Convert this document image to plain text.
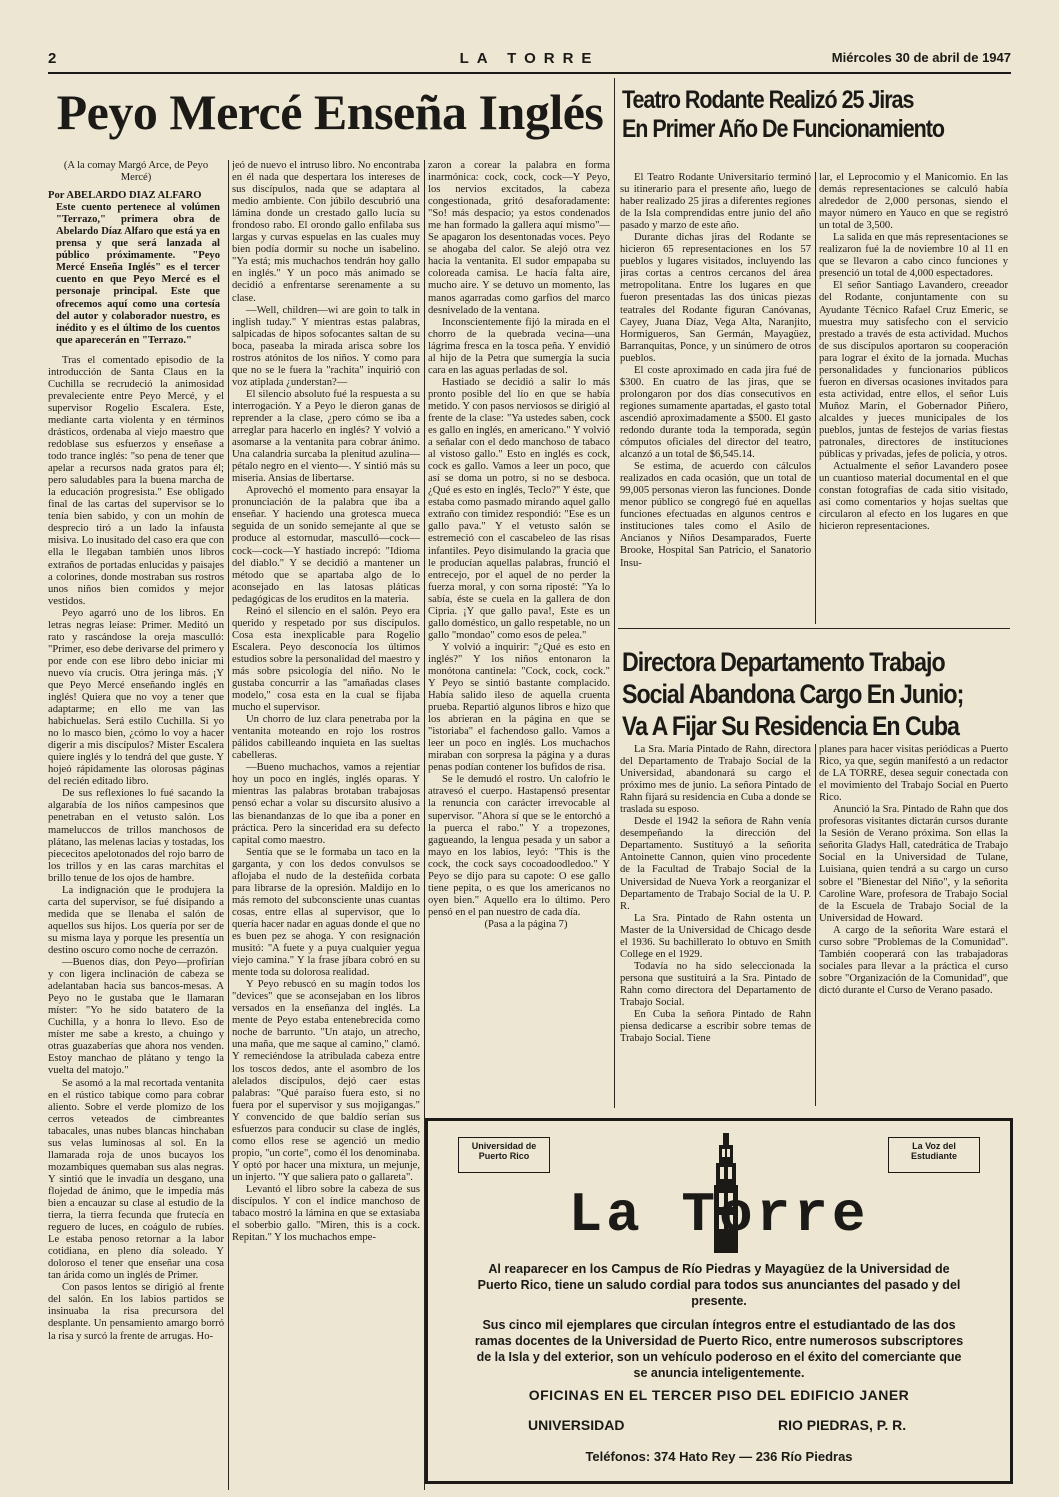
2	LA TORRE	Miércoles 30 de abril de 1947
Peyo Mercé Enseña Inglés

(A la comay Margó Arce, de Peyo Mercé)

Por ABELARDO DIAZ ALFARO

Este cuento pertenece al volúmen "Terrazo," primera obra de Abelardo Díaz Alfaro que está ya en prensa y que será lanzada al público próximamente. "Peyo Mercé Enseña Inglés" es el tercer cuento en que Peyo Mercé es el personaje principal. Este que ofrecemos aquí como una cortesía del autor y colaborador nuestro, es inédito y es el último de los cuentos que aparecerán en "Terrazo."

Tras el comentado episodio de la introducción de Santa Claus en la Cuchilla se recrudeció la animosidad prevaleciente entre Peyo Mercé, y el supervisor Rogelio Escalera. Este, mediante carta violenta y en términos drásticos, ordenaba al viejo maestro que redoblase sus esfuerzos y enseñase a todo trance inglés: "so pena de tener que apelar a recursos nada gratos para él; pero saludables para la buena marcha de la educación progresista." Ese obligado final de las cartas del supervisor se lo tenía bien sabido, y con un mohín de desprecio tiró a un lado la infausta misiva. Lo inusitado del caso era que con ella le llegaban también unos libros extraños de portadas enlucidas y paisajes a colorines, donde mostraban sus rostros unos niños bien comidos y mejor vestidos.

Peyo agarró uno de los libros. En letras negras leíase: Primer. Meditó un rato y rascándose la oreja masculló: "Primer, eso debe derivarse del primero y por ende con ese libro debo iniciar mi nuevo vía crucis. Otra jeringa más. ¡Y que Peyo Mercé enseñando inglés en inglés! Quiera que no voy a tener que adaptarme; en ello me van las habichuelas. Será estilo Cuchilla. Si yo no lo masco bien, ¿cómo lo voy a hacer digerir a mis discípulos? Mister Escalera quiere inglés y lo tendrá del que guste. Y hojeó rápidamente las olorosas páginas del recién editado libro.

De sus reflexiones lo fué sacando la algarabía de los niños campesinos que penetraban en el vetusto salón. Los mameluccos de trillos manchosos de plátano, las melenas lacias y tostadas, los piececitos apelotonados del rojo barro de los trillos y en las caras marchitas el brillo tenue de los ojos de hambre.

La indignación que le produjera la carta del supervisor, se fué disipando a medida que se llenaba el salón de aquellos sus hijos. Los quería por ser de su misma laya y porque les presentía un destino oscuro como noche de cerrazón.

—Buenos días, don Peyo—profirían y con ligera inclinación de cabeza se adelantaban hacia sus bancos-mesas. A Peyo no le gustaba que le llamaran míster: "Yo he sido batatero de la Cuchilla, y a honra lo llevo. Eso de míster me sabe a kresto, a chuingo y otras guazaberías que ahora nos venden. Estoy manchao de plátano y tengo la vuelta del matojo."

Se asomó a la mal recortada ventanita en el rústico tabique como para cobrar aliento. Sobre el verde plomizo de los cerros veteados de cimbreantes tabacales, unas nubes blancas hinchaban sus velas luminosas al sol. En la llamarada roja de unos bucayos los mozambiques quemaban sus alas negras. Y sintió que le invadía un desgano, una flojedad de ánimo, que le impedía más bien a encauzar su clase al estudio de la tierra, la tierra fecunda que frutecía en reguero de luces, en coágulo de rubíes. Le estaba penoso retornar a la labor cotidiana, en pleno día soleado. Y doloroso el tener que enseñar una cosa tan árida como un inglés de Primer.

Con pasos lentos se dirigió al frente del salón. En los labios partidos se insinuaba la risa precursora del desplante. Un pensamiento amargo borró la risa y surcó la frente de arrugas. Ho-

jeó de nuevo el intruso libro. No encontraba en él nada que despertara los intereses de sus discípulos, nada que se adaptara al medio ambiente. Con júbilo descubrió una lámina donde un crestado gallo lucía su frondoso rabo. El orondo gallo enfilaba sus largas y curvas espuelas en las cuales muy bien podía dormir su noche un isabelino. "Ya está; mis muchachos tendrán hoy gallo en inglés." Y un poco más animado se decidió a enfrentarse serenamente a su clase.

—Well, children—wi are goin to talk in inglish tuday." Y mientras estas palabras, salpicadas de hipos sofocantes saltan de su boca, paseaba la mirada arisca sobre los rostros atónitos de los niños. Y como para que no se le fuera la "rachita" inquirió con voz atiplada ¿understan?—

El silencio absoluto fué la respuesta a su interrogación. Y a Peyo le dieron ganas de reprender a la clase, ¿pero cómo se iba a arreglar para hacerlo en inglés? Y volvió a asomarse a la ventanita para cobrar ánimo. Una calandria surcaba la plenitud azulina—pétalo negro en el viento—. Y sintió más su miseria. Ansias de libertarse.

Aprovechó el momento para ensayar la pronunciación de la palabra que iba a enseñar. Y haciendo una grotesca mueca seguida de un sonido semejante al que se produce al estornudar, masculló—cock—cock—cock—Y hastiado increpó: "Idioma del diablo." Y se decidió a mantener un método que se apartaba algo de lo aconsejado en las latosas pláticas pedagógicas de los eruditos en la materia.

Reinó el silencio en el salón. Peyo era querido y respetado por sus discípulos. Cosa esta inexplicable para Rogelio Escalera. Peyo desconocía los últimos estudios sobre la personalidad del maestro y más sobre psicología del niño. No le gustaba concurrir a las "amañadas clases modelo," cosa esta en la cual se fijaba mucho el supervisor.

Un chorro de luz clara penetraba por la ventanita moteando en rojo los rostros pálidos cabilleando inquieta en las sueltas cabelleras.

—Bueno muchachos, vamos a rejentiar hoy un poco en inglés, inglés oparas. Y mientras las palabras brotaban trabajosas pensó echar a volar su discursito alusivo a las bienandanzas de lo que iba a poner en práctica. Pero la sinceridad era su defecto capital como maestro.

Sentía que se le formaba un taco en la garganta, y con los dedos convulsos se aflojaba el nudo de la desteñida corbata para librarse de la opresión. Maldijo en lo más remoto del subconsciente unas cuantas cosas, entre ellas al supervisor, que lo quería hacer nadar en aguas donde el que no es buen pez se ahoga. Y con resignación musitó: "A fuete y a puya cualquier yegua viejo camina." Y la frase jíbara cobró en su mente toda su dolorosa realidad.

Y Peyo rebuscó en su magín todos los "devices" que se aconsejaban en los libros versados en la enseñanza del inglés. La mente de Peyo estaba entenebrecida como noche de barrunto. "Un atajo, un atrecho, una maña, que me saque al camino," clamó. Y remeciéndose la atribulada cabeza entre los toscos dedos, ante el asombro de los alelados discípulos, dejó caer estas palabras: "Qué paraíso fuera esto, si no fuera por el supervisor y sus mojigangas." Y convencido de que baldío serían sus esfuerzos para conducir su clase de inglés, como ellos rese se agenció un medio propio, "un corte", como él los denominaba. Y optó por hacer una mixtura, un mejunje, un injerto. "Y que saliera pato o gallareta".

Levantó el libro sobre la cabeza de sus discípulos. Y con el índice manchoso de tabaco mostró la lámina en que se extasiaba el soberbio gallo. "Miren, this is a cock. Repitan." Y los muchachos empe-

zaron a corear la palabra en forma inarmónica: cock, cock, cock—Y Peyo, los nervios excitados, la cabeza congestionada, gritó desaforadamente: "So! más despacio; ya estos condenados me han formado la gallera aquí mismo"—Se apagaron los desentonadas voces. Peyo se ahogaba del calor. Se alejó otra vez hacia la ventanita. El sudor empapaba su coloreada camisa. Le hacía falta aire, mucho aire. Y se detuvo un momento, las manos agarradas como garfios del marco desnivelado de la ventana.

Inconscientemente fijó la mirada en el chorro de la quebrada vecina—una lágrima fresca en la tosca peña. Y envidió al hijo de la Petra que sumergía la sucia cara en las aguas perladas de sol.

Hastiado se decidió a salir lo más pronto posible del lío en que se había metido. Y con pasos nerviosos se dirigió al frente de la clase: "Ya ustedes saben, cock es gallo en inglés, en americano." Y volvió a señalar con el dedo manchoso de tabaco al vistoso gallo." Esto en inglés es cock, cock es gallo. Vamos a leer un poco, que así se doma un potro, si no se desboca. ¿Qué es esto en inglés, Teclo?" Y éste, que estaba como pasmado mirando aquel gallo extraño con timidez respondió: "Ese es un gallo pava." Y el vetusto salón se estremeció con el cascabeleo de las risas infantiles. Peyo disimulando la gracia que le producían aquellas palabras, frunció el entrecejo, por el aquel de no perder la fuerza moral, y con sorna riposté: "Ya lo sabía, éste se cuela en la gallera de don Cipria. ¡Y que gallo pava!, Este es un gallo doméstico, un gallo respetable, no un gallo "mondao" como esos de pelea."

Y volvió a inquirir: "¿Qué es esto en inglés?" Y los niños entonaron la monótona cantinela: "Cock, cock, cock." Y Peyo se sintió bastante complacido. Había salido ileso de aquella cruenta prueba. Repartió algunos libros e hizo que los abrieran en la página en que se "istoriaba" el fachendoso gallo. Vamos a leer un poco en inglés. Los muchachos miraban con sorpresa la página y a duras penas podían contener los bufidos de risa.

Se le demudó el rostro. Un calofrío le atravesó el cuerpo. Hastapensó presentar la renuncia con carácter irrevocable al supervisor. "Ahora sí que se le entorchó a la puerca el rabo." Y a tropezones, gagueando, la lengua pesada y un sabor a mayo en los labios, leyó: "This is the cock, the cock says cocoadoodledoo." Y Peyo se dijo para su capote: O ese gallo tiene pepita, o es que los americanos no oyen bien." Aquello era lo último. Pero pensó en el pan nuestro de cada día.

(Pasa a la página 7)

Teatro Rodante Realizó 25 Jiras
En Primer Año De Funcionamiento

El Teatro Rodante Universitario terminó su itinerario para el presente año, luego de haber realizado 25 jiras a diferentes regiones de la Isla comprendidas entre junio del año pasado y marzo de este año.

Durante dichas jiras del Rodante se hicieron 65 representaciones en los 57 pueblos y lugares visitados, incluyendo las jiras cortas a centros cercanos del área metropolitana. Entre los lugares en que fueron presentadas las dos únicas piezas teatrales del Rodante figuran Canóvanas, Cayey, Juana Díaz, Vega Alta, Naranjito, Hormigueros, San Germán, Mayagüez, Barranquitas, Ponce, y un sinúmero de otros pueblos.

El coste aproximado en cada jira fué de $300. En cuatro de las jiras, que se prolongaron por dos días consecutivos en regiones sumamente apartadas, el gasto total ascendió aproximadamente a $500. El gasto redondo durante toda la temporada, según cómputos oficiales del director del teatro, alcanzó a un total de $6,545.14.

Se estima, de acuerdo con cálculos realizados en cada ocasión, que un total de 99,005 personas vieron las funciones. Donde menor público se congregó fué en aquellas funciones efectuadas en algunos centros e instituciones tales como el Asilo de Ancianos y Niños Desamparados, Fuerte Brooke, Hospital San Patricio, el Sanatorio Insu-

lar, el Leprocomio y el Manicomio. En las demás representaciones se calculó había alrededor de 2,000 personas, siendo el mayor número en Yauco en que se registró un total de 3,500.

La salida en que más representaciones se realizaron fué la de noviembre 10 al 11 en que se llevaron a cabo cinco funciones y presenció un total de 4,000 espectadores.

El señor Santiago Lavandero, creeador del Rodante, conjuntamente con su Ayudante Técnico Rafael Cruz Emeric, se muestra muy satisfecho con el servicio prestado a través de esta actividad. Muchos de sus discípulos aportaron su cooperación para lograr el éxito de la jornada. Muchas personalidades y funcionarios públicos fueron en diversas ocasiones invitados para esta actividad, entre ellos, el señor Luis Muñoz Marín, el Gobernador Piñero, alcaldes y jueces municipales de los pueblos, juntas de festejos de varias fiestas patronales, directores de instituciones públicas y privadas, jefes de policía, y otros.

Actualmente el señor Lavandero posee un cuantioso material documental en el que constan fotografías de cada sitio visitado, así como comentarios y hojas sueltas que circularon al efecto en los lugares en que hicieron representaciones.

Directora Departamento Trabajo
Social Abandona Cargo En Junio;
Va A Fijar Su Residencia En Cuba

La Sra. María Pintado de Rahn, directora del Departamento de Trabajo Social de la Universidad, abandonará su cargo el próximo mes de junio. La señora Pintado de Rahn fijará su residencia en Cuba a donde se traslada su esposo.

Desde el 1942 la señora de Rahn venía desempeñando la dirección del Departamento. Sustituyó a la señorita Antoinette Cannon, quien vino procedente de la Facultad de Trabajo Social de la Universidad de Nueva York a reorganizar el Departamento de Trabajo Social de la U. P. R.

La Sra. Pintado de Rahn ostenta un Master de la Universidad de Chicago desde el 1936. Su bachillerato lo obtuvo en Smith College en el 1929.

Todavía no ha sido seleccionada la persona que sustituirá a la Sra. Pintado de Rahn como directora del Departamento de Trabajo Social.

En Cuba la señora Pintado de Rahn piensa dedicarse a escribir sobre temas de Trabajo Social. Tiene

planes para hacer visitas periódicas a Puerto Rico, ya que, según manifestó a un redactor de LA TORRE, desea seguir conectada con el movimiento del Trabajo Social en Puerto Rico.

Anunció la Sra. Pintado de Rahn que dos profesoras visitantes dictarán cursos durante la Sesión de Verano próxima. Son ellas la señorita Gladys Hall, catedrática de Trabajo Social en la Universidad de Tulane, Luisiana, quien tendrá a su cargo un curso sobre el "Bienestar del Niño", y la señorita Caroline Ware, profesora de Trabajo Social de la Escuela de Trabajo Social de la Universidad de Howard.

A cargo de la señorita Ware estará el curso sobre "Problemas de la Comunidad". También cooperará con las trabajadoras sociales para llevar a la práctica el curso sobre "Organización de la Comunidad", que dictó durante el Curso de Verano pasado.

Universidad de Puerto Rico
La Voz del Estudiante
La Torre
Al reaparecer en los Campus de Río Piedras y Mayagüez de la Universidad de Puerto Rico, tiene un saludo cordial para todos sus anunciantes del pasado y del presente.
Sus cinco mil ejemplares que circulan íntegros entre el estudiantado de las dos ramas docentes de la Universidad de Puerto Rico, entre numerosos subscriptores de la Isla y del exterior, son un vehículo poderoso en el éxito del comerciante que se anuncia inteligentemente.
OFICINAS EN EL TERCER PISO DEL EDIFICIO JANER
UNIVERSIDAD	RIO PIEDRAS, P. R.
Teléfonos: 374 Hato Rey — 236 Río Piedras
